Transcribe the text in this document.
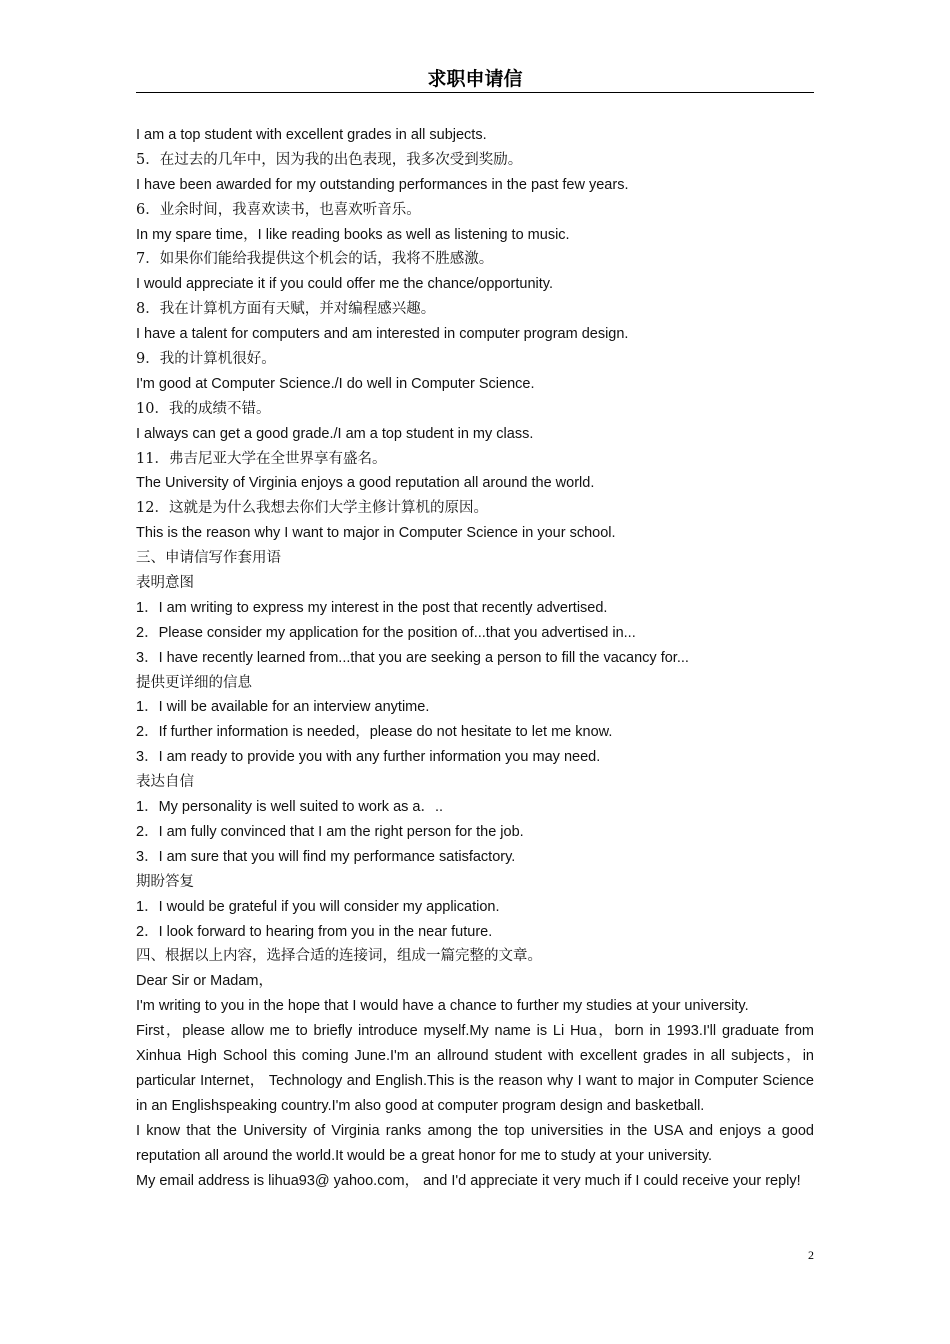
求职申请信
I am a top student with excellent grades in all subjects.
5．在过去的几年中，因为我的出色表现，我多次受到奖励。
I have been awarded for my outstanding performances in the past few years.
6．业余时间，我喜欢读书，也喜欢听音乐。
In my spare time，I like reading books as well as listening to music.
7．如果你们能给我提供这个机会的话，我将不胜感激。
I would appreciate it if you could offer me the chance/opportunity.
8．我在计算机方面有天赋，并对编程感兴趣。
I have a talent for computers and am interested in computer program design.
9．我的计算机很好。
I'm good at Computer Science./I do well in Computer Science.
10．我的成绩不错。
I always can get a good grade./I am a top student in my class.
11．弗吉尼亚大学在全世界享有盛名。
The University of Virginia enjoys a good reputation all around the world.
12．这就是为什么我想去你们大学主修计算机的原因。
This is the reason why I want to major in Computer Science in your school.
三、申请信写作套用语
表明意图
1．I am writing to express my interest in the post that recently advertised.
2．Please consider my application for the position of...that you advertised in...
3．I have recently learned from...that you are seeking a person to fill the vacancy for...
提供更详细的信息
1．I will be available for an interview anytime.
2．If further information is needed，please do not hesitate to let me know.
3．I am ready to provide you with any further information you may need.
表达自信
1．My personality is well suited to work as a．..
2．I am fully convinced that I am the right person for the job.
3．I am sure that you will find my performance satisfactory.
期盼答复
1．I would be grateful if you will consider my application.
2．I look forward to hearing from you in the near future.
四、根据以上内容，选择合适的连接词，组成一篇完整的文章。
Dear Sir or Madam，
I'm writing to you in the hope that I would have a chance to further my studies at your university.
First，please allow me to briefly introduce myself.My name is Li Hua，born in 1993.I'll graduate from Xinhua High School this coming June.I'm an allround student with excellent grades in all subjects，in particular Internet， Technology and English.This is the reason why I want to major in Computer Science in an Englishspeaking country.I'm also good at computer program design and basketball.
I know that the University of Virginia ranks among the top universities in the USA and enjoys a good reputation all around the world.It would be a great honor for me to study at your university.
My email address is lihua93@ yahoo.com， and I'd appreciate it very much if I could receive your reply!
2
